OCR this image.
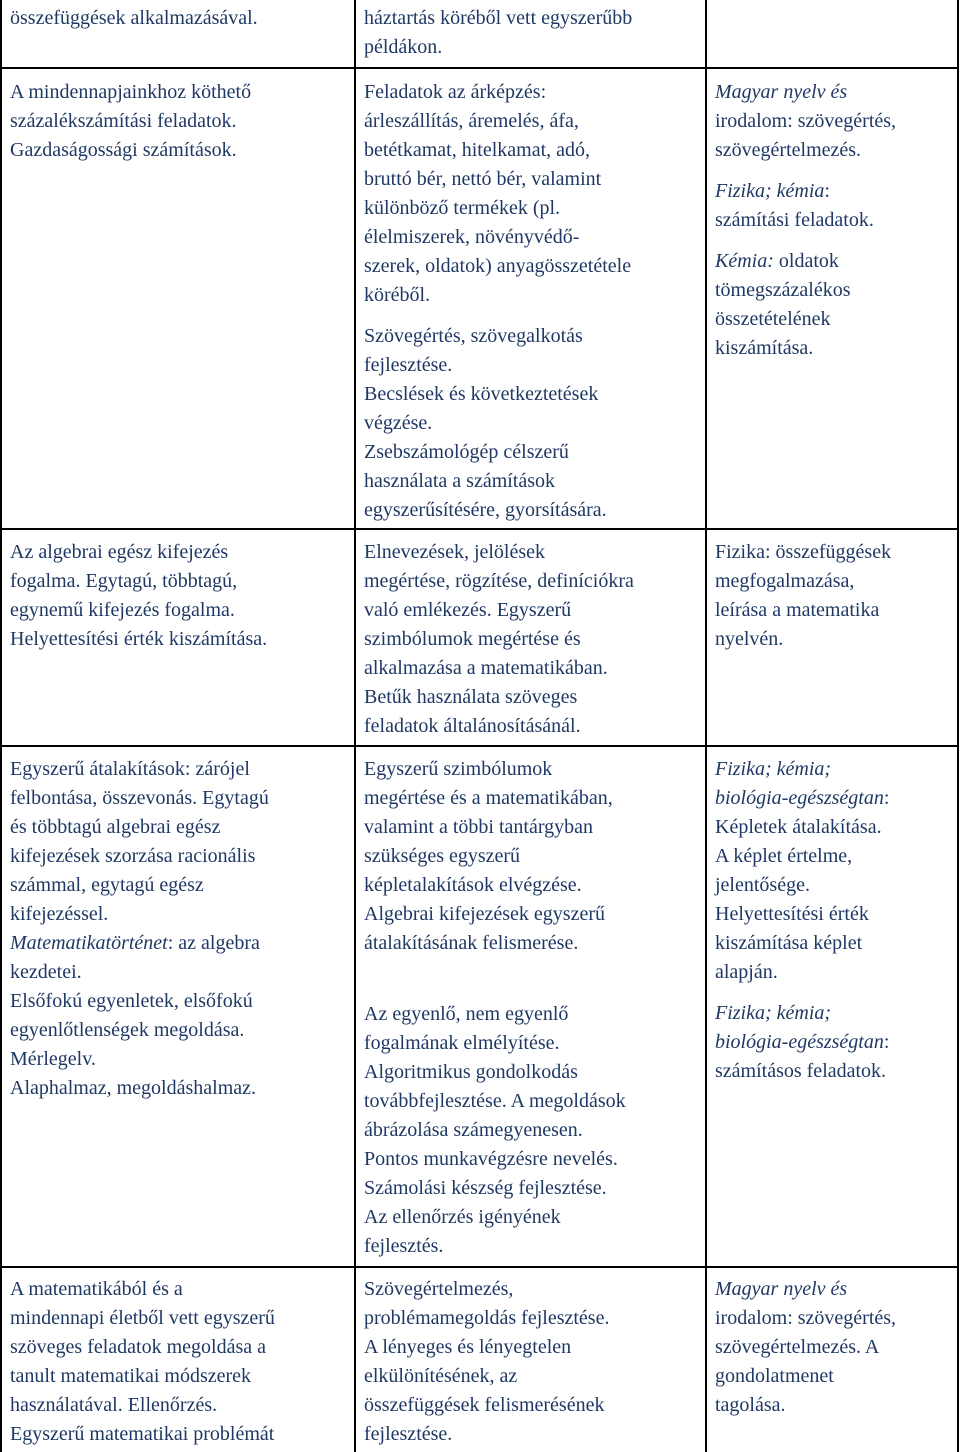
összefüggések alkalmazásával.	háztartás köréből vett egyszerűbb

példákon.

A mindennapjainkhoz köthető

százalékszámítási feladatok.

Gazdaságossági számítások.

Feladatok az árképzés:

árleszállítás, áremelés, áfa,

betétkamat, hitelkamat, adó,

bruttó bér, nettó bér, valamint

különböző termékek (pl.

élelmiszerek, növényvédő-

szerek, oldatok) anyagösszetétele

köréből.

Szövegértés, szövegalkotás

fejlesztése.

Becslések és következtetések

végzése.

Zsebszámológép célszerű

használata a számítások

egyszerűsítésére, gyorsítására.

Magyar nyelv és

irodalom: szövegértés,

szövegértelmezés.

Fizika; kémia:

számítási feladatok.

Kémia: oldatok

tömegszázalékos

összetételének

kiszámítása.

Az algebrai egész kifejezés

fogalma. Egytagú, többtagú,

egynemű kifejezés fogalma.

Helyettesítési érték kiszámítása.

Elnevezések, jelölések

megértése, rögzítése, definíciókra

való emlékezés. Egyszerű

szimbólumok megértése és

alkalmazása a matematikában.

Betűk használata szöveges

feladatok általánosításánál.

Fizika: összefüggések

megfogalmazása,

leírása a matematika

nyelvén.

Egyszerű átalakítások: zárójel

felbontása, összevonás. Egytagú

és többtagú algebrai egész

kifejezések szorzása racionális

számmal, egytagú egész

kifejezéssel.

Matematikatörténet: az algebra

kezdetei.

Elsőfokú egyenletek, elsőfokú

egyenlőtlenségek megoldása.

Mérlegelv.

Alaphalmaz, megoldáshalmaz.

Egyszerű szimbólumok

megértése és a matematikában,

valamint a többi tantárgyban

szükséges egyszerű

képletalakítások elvégzése.

Algebrai kifejezések egyszerű

átalakításának felismerése.

Az egyenlő, nem egyenlő

fogalmának elmélyítése.

Algoritmikus gondolkodás

továbbfejlesztése. A megoldások

ábrázolása számegyenesen.

Pontos munkavégzésre nevelés.

Számolási készség fejlesztése.

Az ellenőrzés igényének

fejlesztés.

Fizika; kémia;

biológia-egészségtan:

Képletek átalakítása.

A képlet értelme,

jelentősége.

Helyettesítési érték

kiszámítása képlet

alapján.

Fizika; kémia;

biológia-egészségtan:

számításos feladatok.

A matematikából és a

mindennapi életből vett egyszerű

szöveges feladatok megoldása a

tanult matematikai módszerek

használatával. Ellenőrzés.

Egyszerű matematikai problémát

Szövegértelmezés,

problémamegoldás fejlesztése.

A lényeges és lényegtelen

elkülönítésének, az

összefüggések felismerésének

fejlesztése.

Magyar nyelv és

irodalom: szövegértés,

szövegértelmezés. A

gondolatmenet

tagolása.
